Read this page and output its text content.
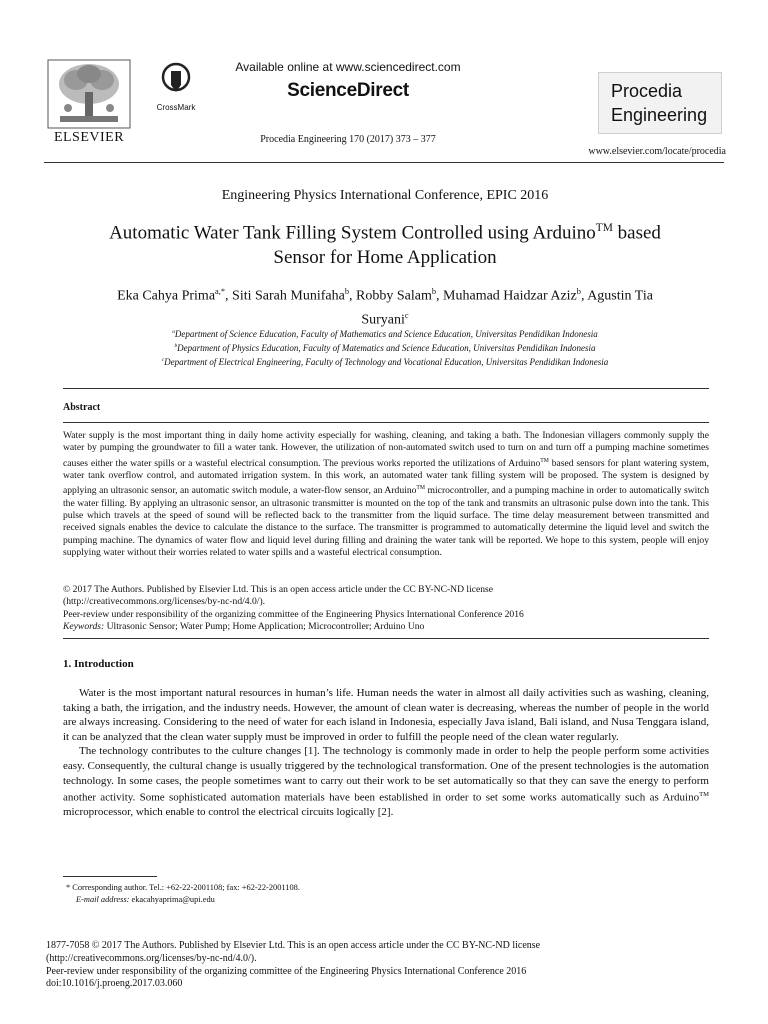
ELSEVIER
CrossMark
Available online at www.sciencedirect.com
ScienceDirect
Procedia Engineering 170 (2017) 373 – 377
Procedia
Engineering
www.elsevier.com/locate/procedia
Engineering Physics International Conference, EPIC 2016
Automatic Water Tank Filling System Controlled using Arduino™ based
Sensor for Home Application
Eka Cahya Prima$^{a,*}$, Siti Sarah Munifaha$^b$, Robby Salam$^b$, Muhamad Haidzar Aziz$^b$, Agustin Tia
Suryani$^c$
$^a$Department of Science Education, Faculty of Mathematics and Science Education, Universitas Pendidikan Indonesia
$^b$Department of Physics Education, Faculty of Matematics and Science Education, Universitas Pendidikan Indonesia
$^c$Department of Electrical Engineering, Faculty of Technology and Vocational Education, Universitas Pendidikan Indonesia
Abstract
Water supply is the most important thing in daily home activity especially for washing, cleaning, and taking a bath. The Indonesian villagers commonly supply the water by pumping the groundwater to fill a water tank. However, the utilization of non-automated switch used to turn on and turn off a pumping machine sometimes causes either the water spills or a wasteful electrical consumption. The previous works reported the utilizations of Arduino™ based sensors for plant watering system, water tank overflow control, and automated irrigation system. In this work, an automated water tank filling system will be proposed. The system is designed by applying an ultrasonic sensor, an automatic switch module, a water-flow sensor, an Arduino™ microcontroller, and a pumping machine in order to automatically switch the water filling. By applying an ultrasonic sensor, an ultrasonic transmitter is mounted on the top of the tank and transmits an ultrasonic pulse down into the tank. This pulse which travels at the speed of sound will be reflected back to the transmitter from the liquid surface. The time delay measurement between transmitted and received signals enables the device to calculate the distance to the surface. The transmitter is programmed to automatically determine the liquid level and switch the pumping machine. The dynamics of water flow and liquid level during filling and draining the water tank will be reported. We hope to this system, people will enjoy supplying water without their worries related to water spills and a wasteful electrical consumption.
© 2017 The Authors. Published by Elsevier Ltd. This is an open access article under the CC BY-NC-ND license
(http://creativecommons.org/licenses/by-nc-nd/4.0/).
Peer-review under responsibility of the organizing committee of the Engineering Physics International Conference 2016
Keywords: Ultrasonic Sensor; Water Pump; Home Application; Microcontroller; Arduino Uno
1. Introduction

Water is the most important natural resources in human’s life. Human needs the water in almost all daily activities such as washing, cleaning, taking a bath, the irrigation, and the industry needs. However, the amount of clean water is decreasing, whereas the number of people in the world are always increasing. Considering to the need of water for each island in Indonesia, especially Java island, Bali island, and Nusa Tenggara island, it can be analyzed that the clean water supply must be improved in order to fulfill the people need of the clean water regularly.

The technology contributes to the culture changes [1]. The technology is commonly made in order to help the people perform some activities easy. Consequently, the cultural change is usually triggered by the technological transformation. One of the present technologies is the automation technology. In some cases, the people sometimes want to carry out their work to be set automatically so that they can save the energy to perform another activity. Some sophisticated automation materials have been established in order to set some works automatically such as Arduino™ microprocessor, which enable to control the electrical circuits logically [2].

* Corresponding author. Tel.: +62-22-2001108; fax: +62-22-2001108.
E-mail address: ekacahyaprima@upi.edu
1877-7058 © 2017 The Authors. Published by Elsevier Ltd. This is an open access article under the CC BY-NC-ND license
(http://creativecommons.org/licenses/by-nc-nd/4.0/).
Peer-review under responsibility of the organizing committee of the Engineering Physics International Conference 2016
doi:10.1016/j.proeng.2017.03.060
